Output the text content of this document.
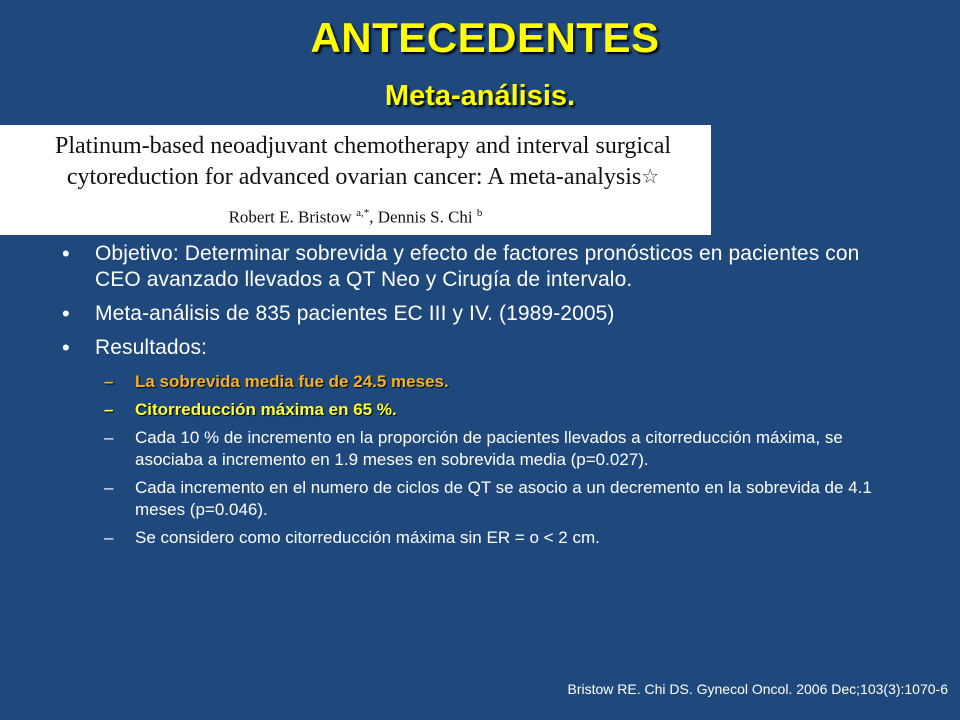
ANTECEDENTES
Meta-análisis.
Platinum-based neoadjuvant chemotherapy and interval surgical
cytoreduction for advanced ovarian cancer: A meta-analysis☆
Robert E. Bristow $^{a,*}$, Dennis S. Chi $^b$
• Objetivo: Determinar sobrevida y efecto de factores pronósticos en pacientes con CEO avanzado llevados a QT Neo y Cirugía de intervalo.
• Meta-análisis de 835 pacientes EC III y IV. (1989-2005)
• Resultados:
– La sobrevida media fue de 24.5 meses.
– Citorreducción máxima en 65 %.
– Cada 10 % de incremento en la proporción de pacientes llevados a citorreducción máxima, se asociaba a incremento en 1.9 meses en sobrevida media (p=0.027).
– Cada incremento en el numero de ciclos de QT se asocio a un decremento en la sobrevida de 4.1 meses (p=0.046).
– Se considero como citorreducción máxima sin ER = o < 2 cm.
Bristow RE. Chi DS. Gynecol Oncol. 2006 Dec;103(3):1070-6
